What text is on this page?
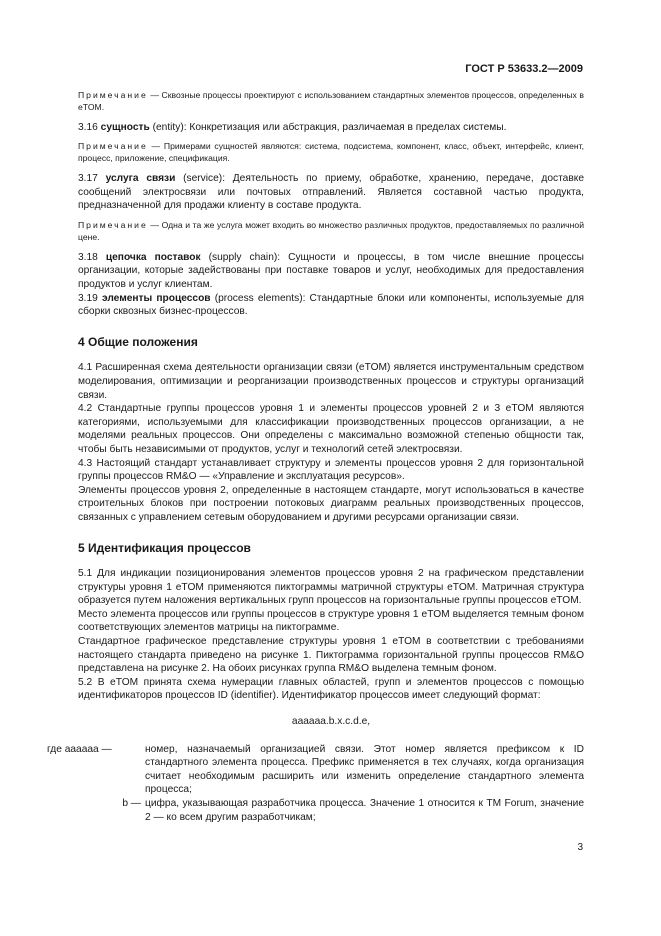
ГОСТ Р 53633.2—2009

Примечание — Сквозные процессы проектируют с использованием стандартных элементов процессов, определенных в eTOM.

3.16 сущность (entity): Конкретизация или абстракция, различаемая в пределах системы.

Примечание — Примерами сущностей являются: система, подсистема, компонент, класс, объект, интерфейс, клиент, процесс, приложение, спецификация.

3.17 услуга связи (service): Деятельность по приему, обработке, хранению, передаче, доставке сообщений электросвязи или почтовых отправлений. Является составной частью продукта, предназначенной для продажи клиенту в составе продукта.

Примечание — Одна и та же услуга может входить во множество различных продуктов, предоставляемых по различной цене.

3.18 цепочка поставок (supply chain): Сущности и процессы, в том числе внешние процессы организации, которые задействованы при поставке товаров и услуг, необходимых для предоставления продуктов и услуг клиентам.

3.19 элементы процессов (process elements): Стандартные блоки или компоненты, используемые для сборки сквозных бизнес-процессов.

4 Общие положения

4.1 Расширенная схема деятельности организации связи (eTOM) является инструментальным средством моделирования, оптимизации и реорганизации производственных процессов и структуры организаций связи.

4.2 Стандартные группы процессов уровня 1 и элементы процессов уровней 2 и 3 eTOM являются категориями, используемыми для классификации производственных процессов организации, а не моделями реальных процессов. Они определены с максимально возможной степенью общности так, чтобы быть независимыми от продуктов, услуг и технологий сетей электросвязи.

4.3 Настоящий стандарт устанавливает структуру и элементы процессов уровня 2 для горизонтальной группы процессов RM&O — «Управление и эксплуатация ресурсов».

Элементы процессов уровня 2, определенные в настоящем стандарте, могут использоваться в качестве строительных блоков при построении потоковых диаграмм реальных производственных процессов, связанных с управлением сетевым оборудованием и другими ресурсами организации связи.

5 Идентификация процессов

5.1 Для индикации позиционирования элементов процессов уровня 2 на графическом представлении структуры уровня 1 eTOM применяются пиктограммы матричной структуры eTOM. Матричная структура образуется путем наложения вертикальных групп процессов на горизонтальные группы процессов eTOM.

Место элемента процессов или группы процессов в структуре уровня 1 eTOM выделяется темным фоном соответствующих элементов матрицы на пиктограмме.

Стандартное графическое представление структуры уровня 1 eTOM в соответствии с требованиями настоящего стандарта приведено на рисунке 1. Пиктограмма горизонтальной группы процессов RM&O представлена на рисунке 2. На обоих рисунках группа RM&O выделена темным фоном.

5.2 В eTOM принята схема нумерации главных областей, групп и элементов процессов с помощью идентификаторов процессов ID (identifier). Идентификатор процессов имеет следующий формат:

aaaaaa.b.x.c.d.e,
где аааааа —	номер, назначаемый организацией связи. Этот номер является префиксом к ID стандартного элемента процесса. Префикс применяется в тех случаях, когда организация считает необходимым расширить или изменить определение стандартного элемента процесса;
b — цифра, указывающая разработчика процесса. Значение 1 относится к TM Forum, значение 2 — ко всем другим разработчикам;
3
